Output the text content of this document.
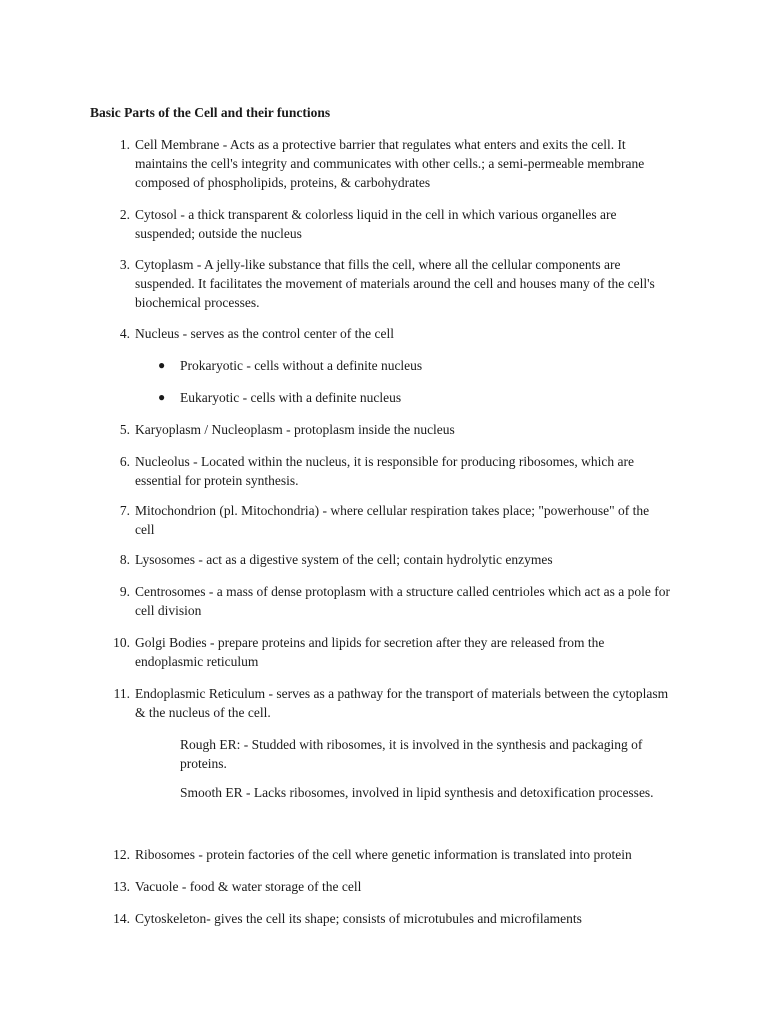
Basic Parts of the Cell and their functions
1. Cell Membrane - Acts as a protective barrier that regulates what enters and exits the cell. It maintains the cell's integrity and communicates with other cells.; a semi-permeable membrane composed of phospholipids, proteins, & carbohydrates
2. Cytosol - a thick transparent & colorless liquid in the cell in which various organelles are suspended; outside the nucleus
3. Cytoplasm - A jelly-like substance that fills the cell, where all the cellular components are suspended. It facilitates the movement of materials around the cell and houses many of the cell's biochemical processes.
4. Nucleus - serves as the control center of the cell
● Prokaryotic - cells without a definite nucleus
● Eukaryotic - cells with a definite nucleus
5. Karyoplasm / Nucleoplasm - protoplasm inside the nucleus
6. Nucleolus - Located within the nucleus, it is responsible for producing ribosomes, which are essential for protein synthesis.
7. Mitochondrion (pl. Mitochondria) - where cellular respiration takes place; "powerhouse" of the cell
8. Lysosomes - act as a digestive system of the cell; contain hydrolytic enzymes
9. Centrosomes - a mass of dense protoplasm with a structure called centrioles which act as a pole for cell division
10. Golgi Bodies - prepare proteins and lipids for secretion after they are released from the endoplasmic reticulum
11. Endoplasmic Reticulum - serves as a pathway for the transport of materials between the cytoplasm & the nucleus of the cell.
Rough ER: - Studded with ribosomes, it is involved in the synthesis and packaging of proteins.
Smooth ER - Lacks ribosomes, involved in lipid synthesis and detoxification processes.
12. Ribosomes - protein factories of the cell where genetic information is translated into protein
13. Vacuole - food & water storage of the cell
14. Cytoskeleton- gives the cell its shape; consists of microtubules and microfilaments
